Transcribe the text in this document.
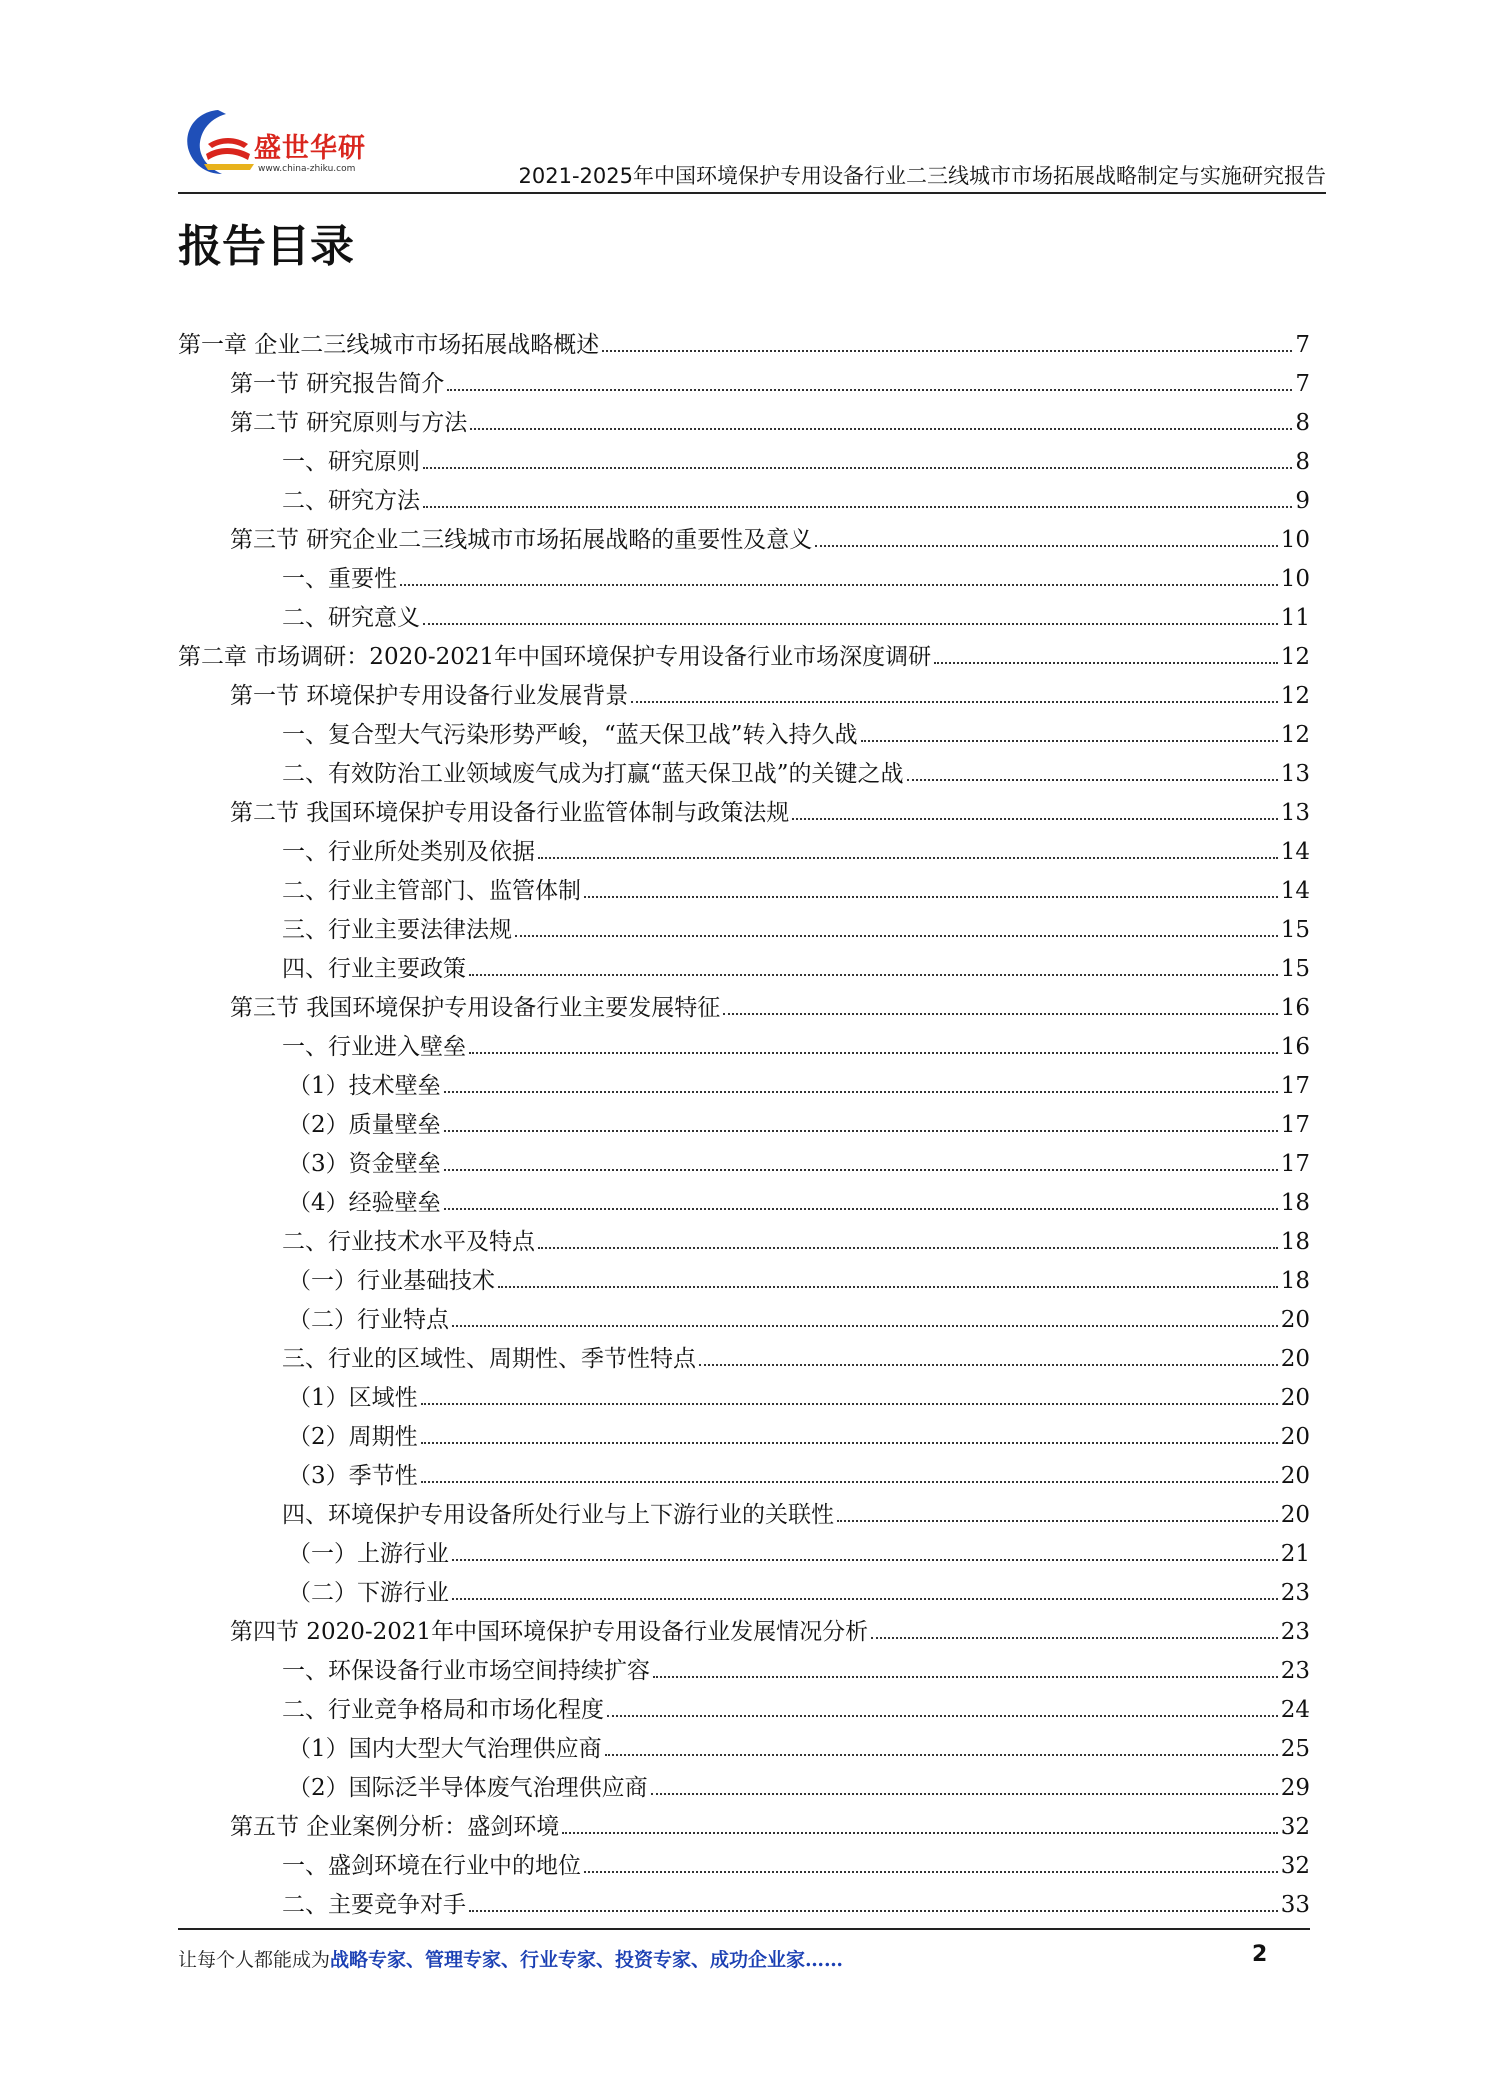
盛世华研
www.china-zhiku.com	2021-2025年中国环境保护专用设备行业二三线城市市场拓展战略制定与实施研究报告
报告目录
第一章 企业二三线城市市场拓展战略概述	7
第一节 研究报告简介	7
第二节 研究原则与方法	8
一、研究原则	8
二、研究方法	9
第三节 研究企业二三线城市市场拓展战略的重要性及意义	10
一、重要性	10
二、研究意义	11
第二章 市场调研：2020-2021年中国环境保护专用设备行业市场深度调研	12
第一节 环境保护专用设备行业发展背景	12
一、复合型大气污染形势严峻，“蓝天保卫战”转入持久战	12
二、有效防治工业领域废气成为打赢“蓝天保卫战”的关键之战	13
第二节 我国环境保护专用设备行业监管体制与政策法规	13
一、行业所处类别及依据	14
二、行业主管部门、监管体制	14
三、行业主要法律法规	15
四、行业主要政策	15
第三节 我国环境保护专用设备行业主要发展特征	16
一、行业进入壁垒	16
（1）技术壁垒	17
（2）质量壁垒	17
（3）资金壁垒	17
（4）经验壁垒	18
二、行业技术水平及特点	18
（一）行业基础技术	18
（二）行业特点	20
三、行业的区域性、周期性、季节性特点	20
（1）区域性	20
（2）周期性	20
（3）季节性	20
四、环境保护专用设备所处行业与上下游行业的关联性	20
（一）上游行业	21
（二）下游行业	23
第四节 2020-2021年中国环境保护专用设备行业发展情况分析	23
一、环保设备行业市场空间持续扩容	23
二、行业竞争格局和市场化程度	24
（1）国内大型大气治理供应商	25
（2）国际泛半导体废气治理供应商	29
第五节 企业案例分析：盛剑环境	32
一、盛剑环境在行业中的地位	32
二、主要竞争对手	33
让每个人都能成为战略专家、管理专家、行业专家、投资专家、成功企业家……	2
